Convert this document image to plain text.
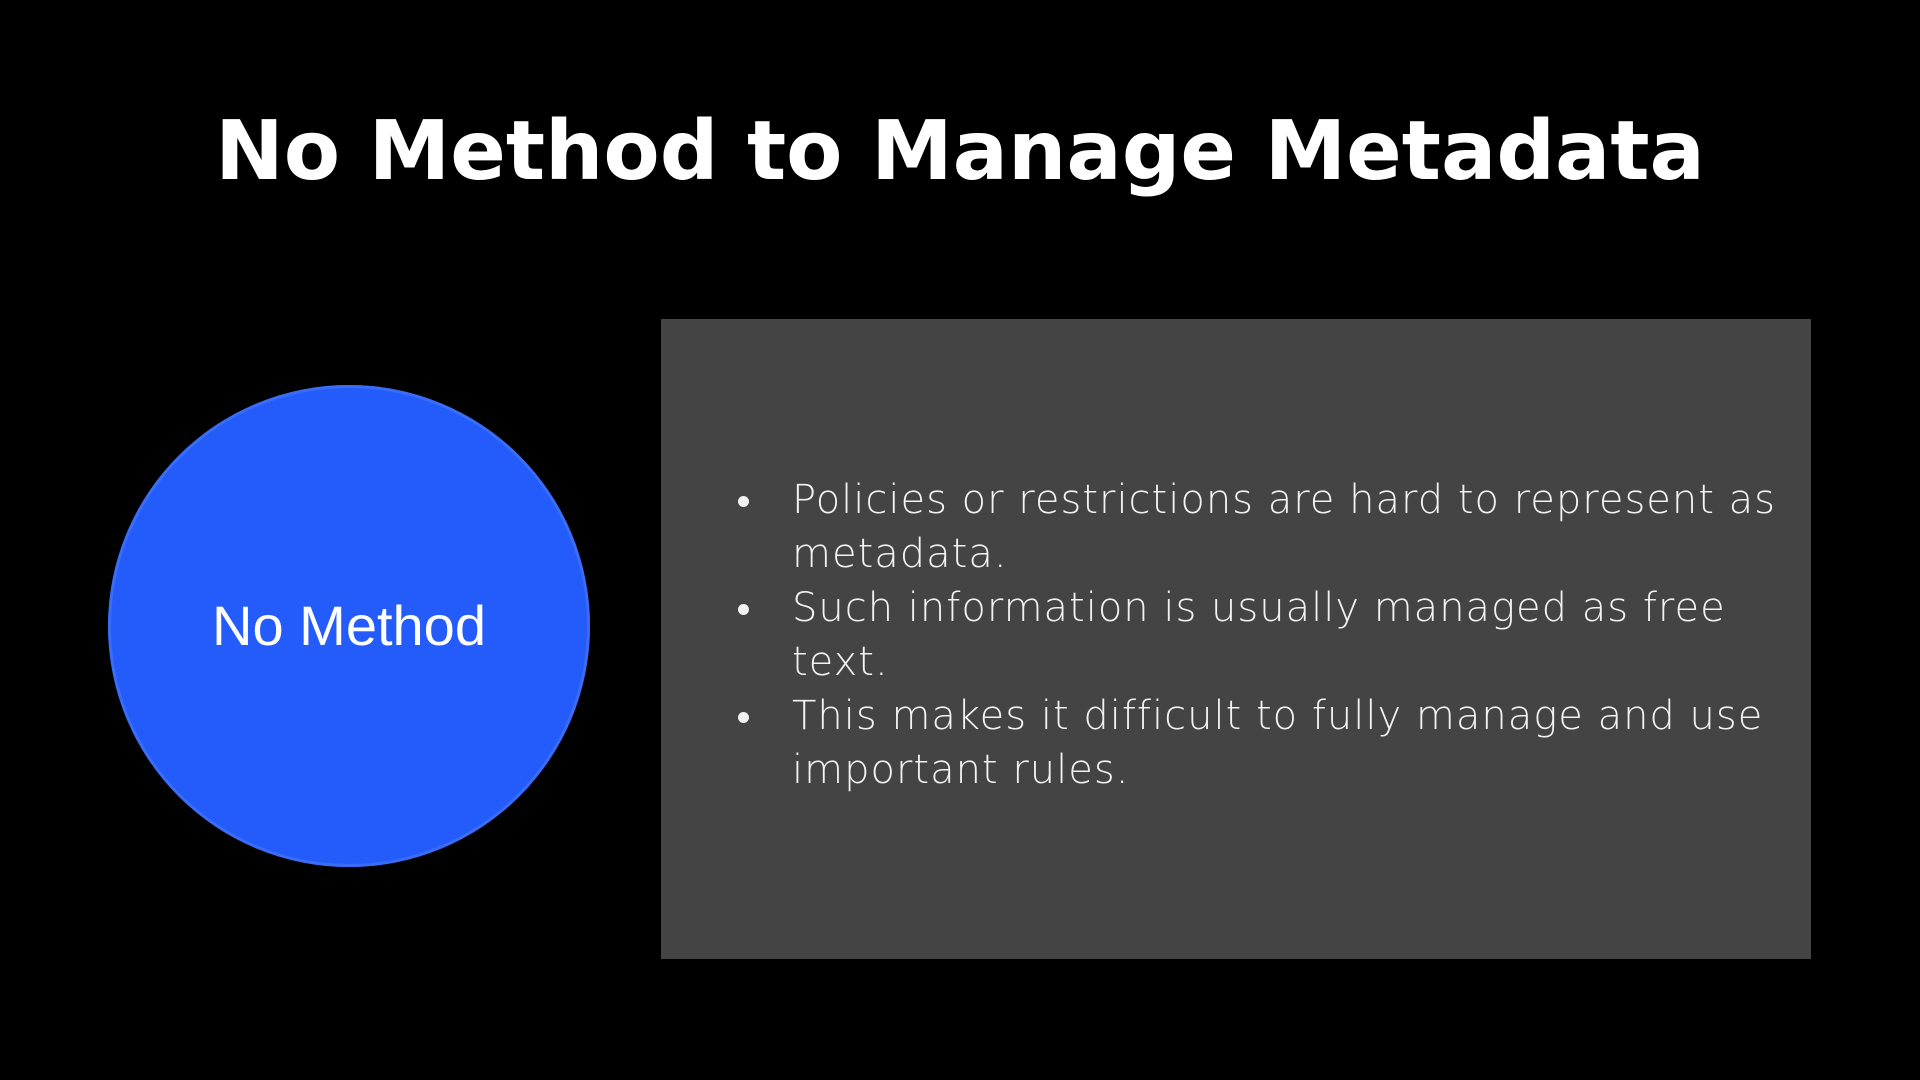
No Method to Manage Metadata
No Method
Policies or restrictions are hard to represent as metadata.
Such information is usually managed as free text.
This makes it difficult to fully manage and use important rules.
